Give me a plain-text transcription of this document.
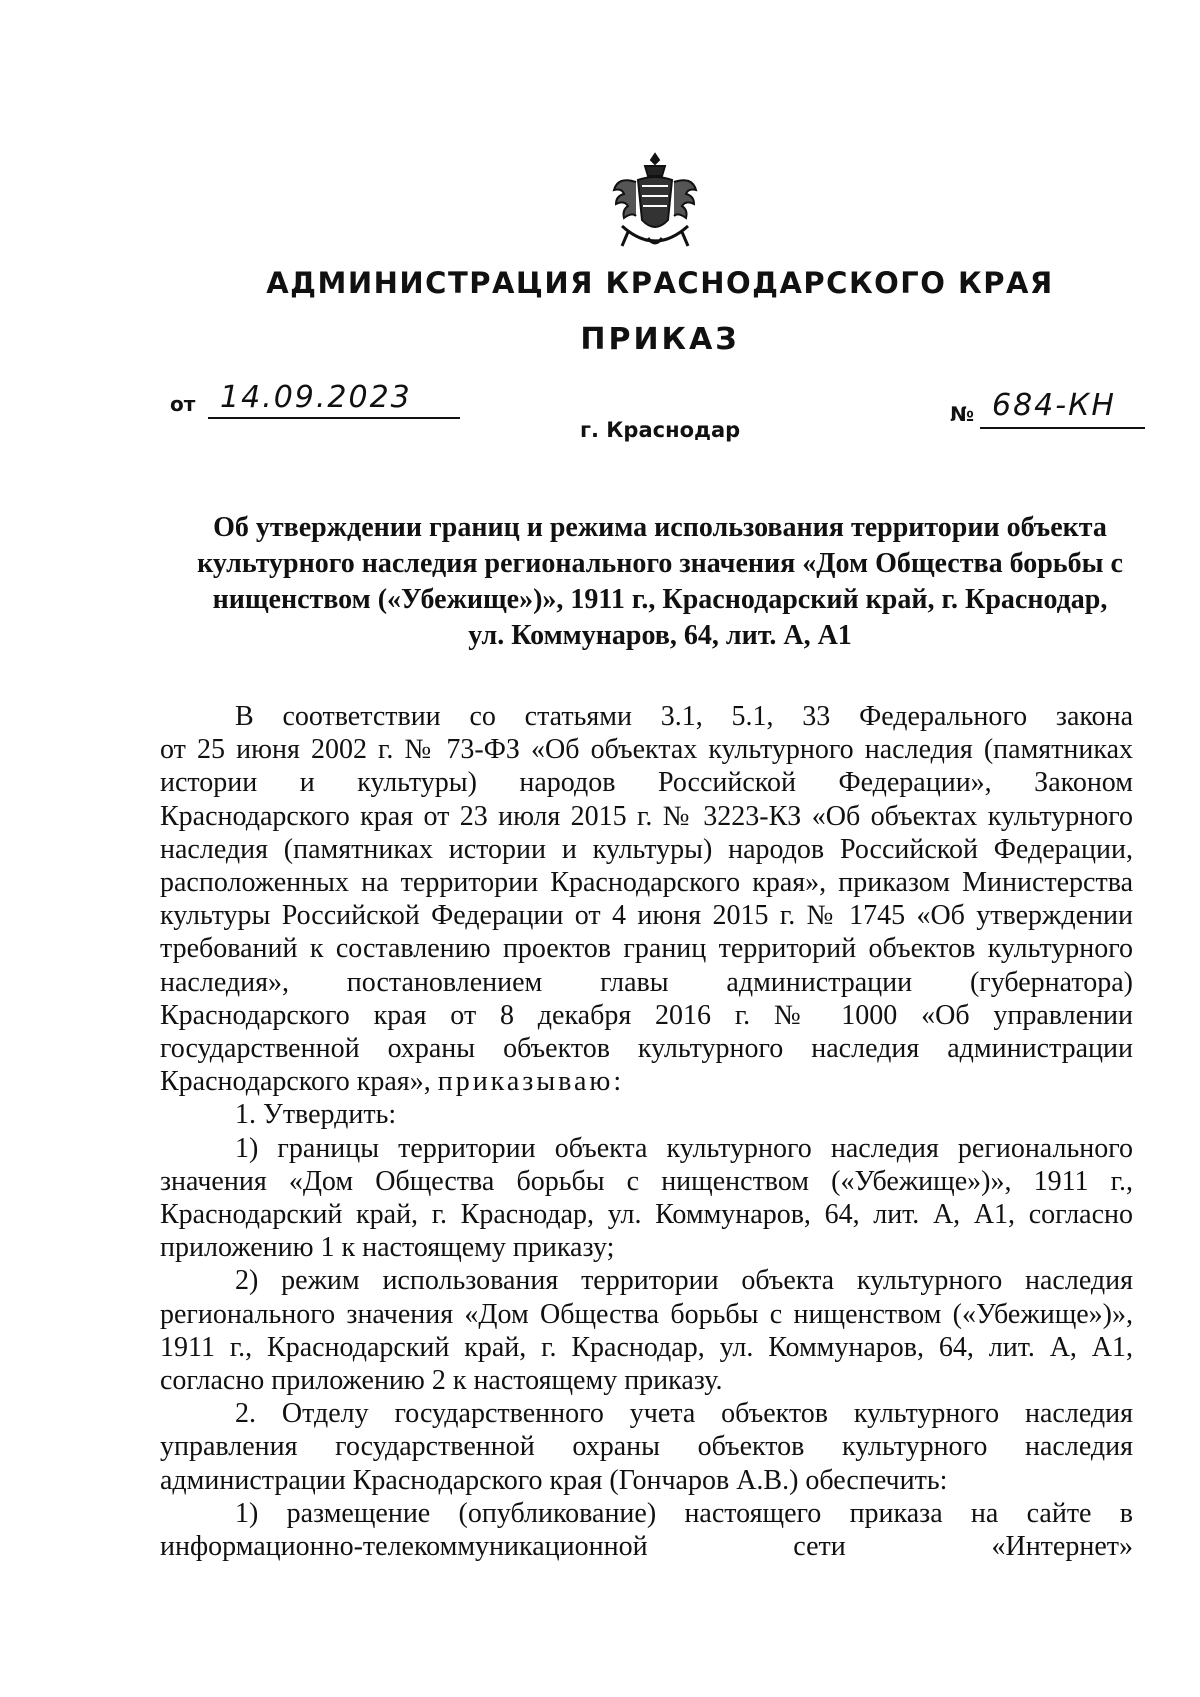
АДМИНИСТРАЦИЯ КРАСНОДАРСКОГО КРАЯ
ПРИКАЗ
от 14.09.2023
г. Краснодар
№ 684-КН
Об утверждении границ и режима использования территории объекта
культурного наследия регионального значения «Дом Общества борьбы с
нищенством («Убежище»)», 1911 г., Краснодарский край, г. Краснодар,
ул. Коммунаров, 64, лит. А, А1

В соответствии со статьями 3.1, 5.1, 33 Федерального закона

от 25 июня 2002 г. № 73-ФЗ «Об объектах культурного наследия (памятниках

истории и культуры) народов Российской Федерации», Законом

Краснодарского края от 23 июля 2015 г. № 3223-КЗ «Об объектах культурного

наследия (памятниках истории и культуры) народов Российской Федерации,

расположенных на территории Краснодарского края», приказом Министерства

культуры Российской Федерации от 4 июня 2015 г. № 1745 «Об утверждении

требований к составлению проектов границ территорий объектов культурного

наследия», постановлением главы администрации (губернатора)

Краснодарского края от 8 декабря 2016 г. № 1000 «Об управлении

государственной охраны объектов культурного наследия администрации

Краснодарского края», приказываю:

1. Утвердить:

1) границы территории объекта культурного наследия регионального

значения «Дом Общества борьбы с нищенством («Убежище»)», 1911 г.,

Краснодарский край, г. Краснодар, ул. Коммунаров, 64, лит. А, А1, согласно

приложению 1 к настоящему приказу;

2) режим использования территории объекта культурного наследия

регионального значения «Дом Общества борьбы с нищенством («Убежище»)»,

1911 г., Краснодарский край, г. Краснодар, ул. Коммунаров, 64, лит. А, А1,

согласно приложению 2 к настоящему приказу.

2. Отделу государственного учета объектов культурного наследия

управления государственной охраны объектов культурного наследия

администрации Краснодарского края (Гончаров А.В.) обеспечить:

1) размещение (опубликование) настоящего приказа на сайте в

информационно-телекоммуникационной сети «Интернет»
